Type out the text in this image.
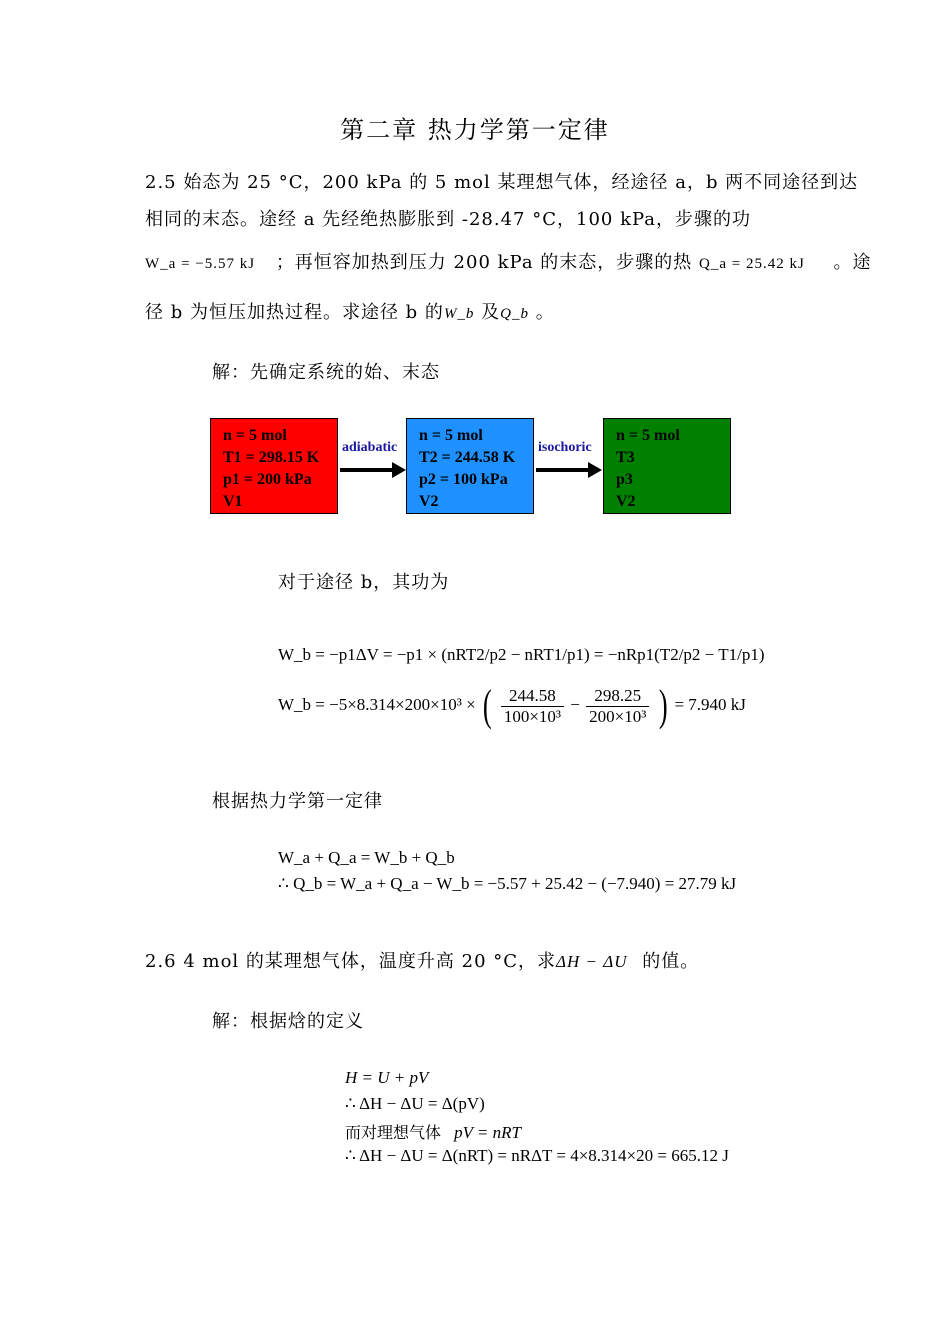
第二章 热力学第一定律
2.5 始态为 25 °C，200 kPa 的 5 mol 某理想气体，经途径 a，b 两不同途径到达
相同的末态。途经 a 先经绝热膨胀到 -28.47 °C，100 kPa，步骤的功
W_a = −5.57 kJ ；再恒容加热到压力 200 kPa 的末态，步骤的热 Q_a = 25.42 kJ 。途
径 b 为恒压加热过程。求途径 b 的W_b 及Q_b 。
解：先确定系统的始、末态
n = 5 mol
T1 = 298.15 K
p1 = 200 kPa
V1
adiabatic
n = 5 mol
T2 = 244.58 K
p2 = 100 kPa
V2
isochoric
n = 5 mol
T3
p3
V2
对于途径 b，其功为
W_b = −p1ΔV = −p1 × (nRT2/p2 − nRT1/p1) = −nRp1(T2/p2 − T1/p1)
W_b = −5×8.314×200×10³ × ( $\frac{244.58}{\text{100×10³}} - \frac{298.25}{\text{200×10³}}$ ) = 7.940 kJ
根据热力学第一定律
W_a + Q_a = W_b + Q_b
∴ Q_b = W_a + Q_a − W_b = −5.57 + 25.42 − (−7.940) = 27.79 kJ
2.6 4 mol 的某理想气体，温度升高 20 °C，求ΔH − ΔU 的值。
解：根据焓的定义
H = U + pV
∴ ΔH − ΔU = Δ(pV)
而对理想气体 pV = nRT
∴ ΔH − ΔU = Δ(nRT) = nRΔT = 4×8.314×20 = 665.12 J
